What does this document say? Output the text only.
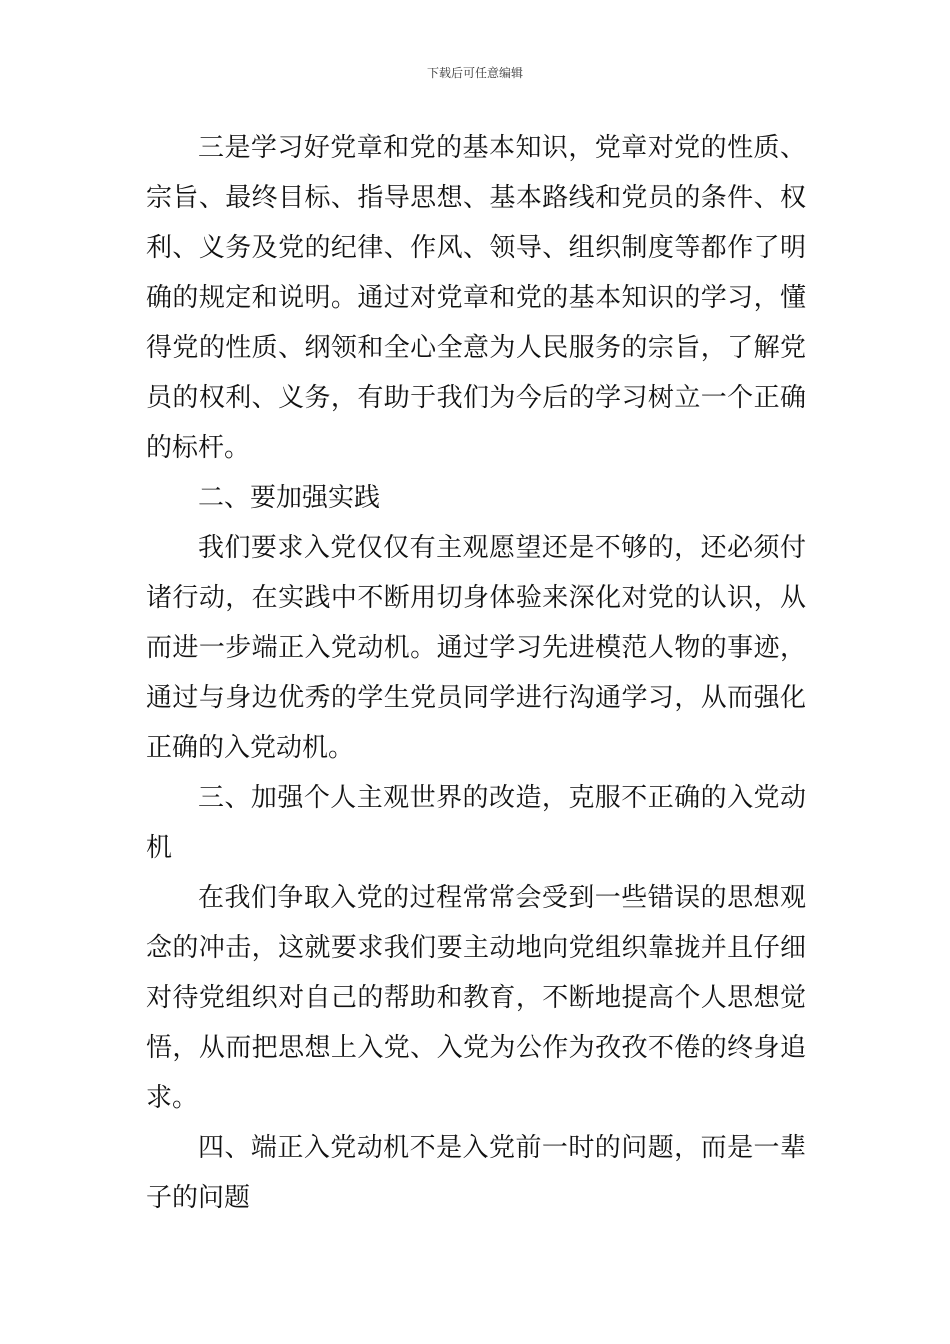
下载后可任意编辑
三是学习好党章和党的基本知识，党章对党的性质、
宗旨、最终目标、指导思想、基本路线和党员的条件、权
利、义务及党的纪律、作风、领导、组织制度等都作了明
确的规定和说明。通过对党章和党的基本知识的学习，懂
得党的性质、纲领和全心全意为人民服务的宗旨，了解党
员的权利、义务，有助于我们为今后的学习树立一个正确
的标杆。
二、要加强实践
我们要求入党仅仅有主观愿望还是不够的，还必须付
诸行动，在实践中不断用切身体验来深化对党的认识，从
而进一步端正入党动机。通过学习先进模范人物的事迹，
通过与身边优秀的学生党员同学进行沟通学习，从而强化
正确的入党动机。
三、加强个人主观世界的改造，克服不正确的入党动
机
在我们争取入党的过程常常会受到一些错误的思想观
念的冲击，这就要求我们要主动地向党组织靠拢并且仔细
对待党组织对自己的帮助和教育，不断地提高个人思想觉
悟，从而把思想上入党、入党为公作为孜孜不倦的终身追
求。
四、端正入党动机不是入党前一时的问题，而是一辈
子的问题
